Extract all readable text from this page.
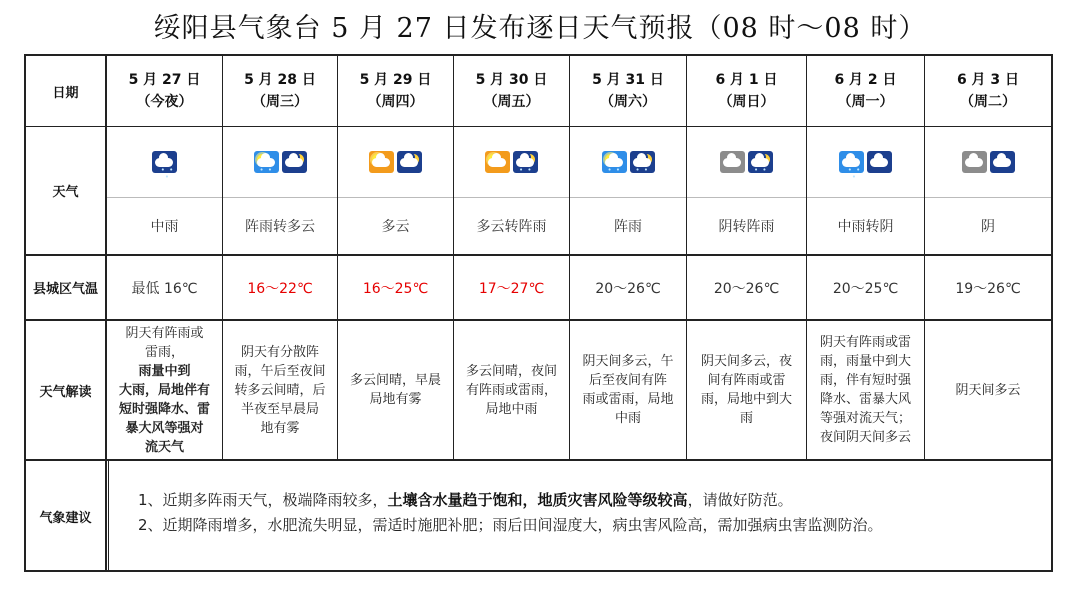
绥阳县气象台 5 月 27 日发布逐日天气预报（08 时～08 时）
日期
天气
县城区气温
天气解读
气象建议
5 月 27 日
（今夜）
• • •
中雨
最低 16℃
阴天有阵雨或
雷雨，
雨量中到
大雨，局地伴有
短时强降水、雷
暴大风等强对
流天气
5 月 28 日
（周三）
• •
阵雨转多云
16～22℃
阴天有分散阵
雨，午后至夜间
转多云间晴，后
半夜至早晨局
地有雾
5 月 29 日
（周四）
多云
16～25℃
多云间晴，早晨
局地有雾
5 月 30 日
（周五）
• •
多云转阵雨
17～27℃
多云间晴，夜间
有阵雨或雷雨，
局地中雨
5 月 31 日
（周六）
• • • •
阵雨
20～26℃
阴天间多云，午
后至夜间有阵
雨或雷雨，局地
中雨
6 月 1 日
（周日）
• •
阴转阵雨
20～26℃
阴天间多云，夜
间有阵雨或雷
雨，局地中到大
雨
6 月 2 日
（周一）
• • •
中雨转阴
20～25℃
阴天有阵雨或雷
雨，雨量中到大
雨，伴有短时强
降水、雷暴大风
等强对流天气；
夜间阴天间多云
6 月 3 日
（周二）
阴
19～26℃
阴天间多云
1、近期多阵雨天气，极端降雨较多，土壤含水量趋于饱和，地质灾害风险等级较高，请做好防范。
2、近期降雨增多，水肥流失明显，需适时施肥补肥；雨后田间湿度大，病虫害风险高，需加强病虫害监测防治。
